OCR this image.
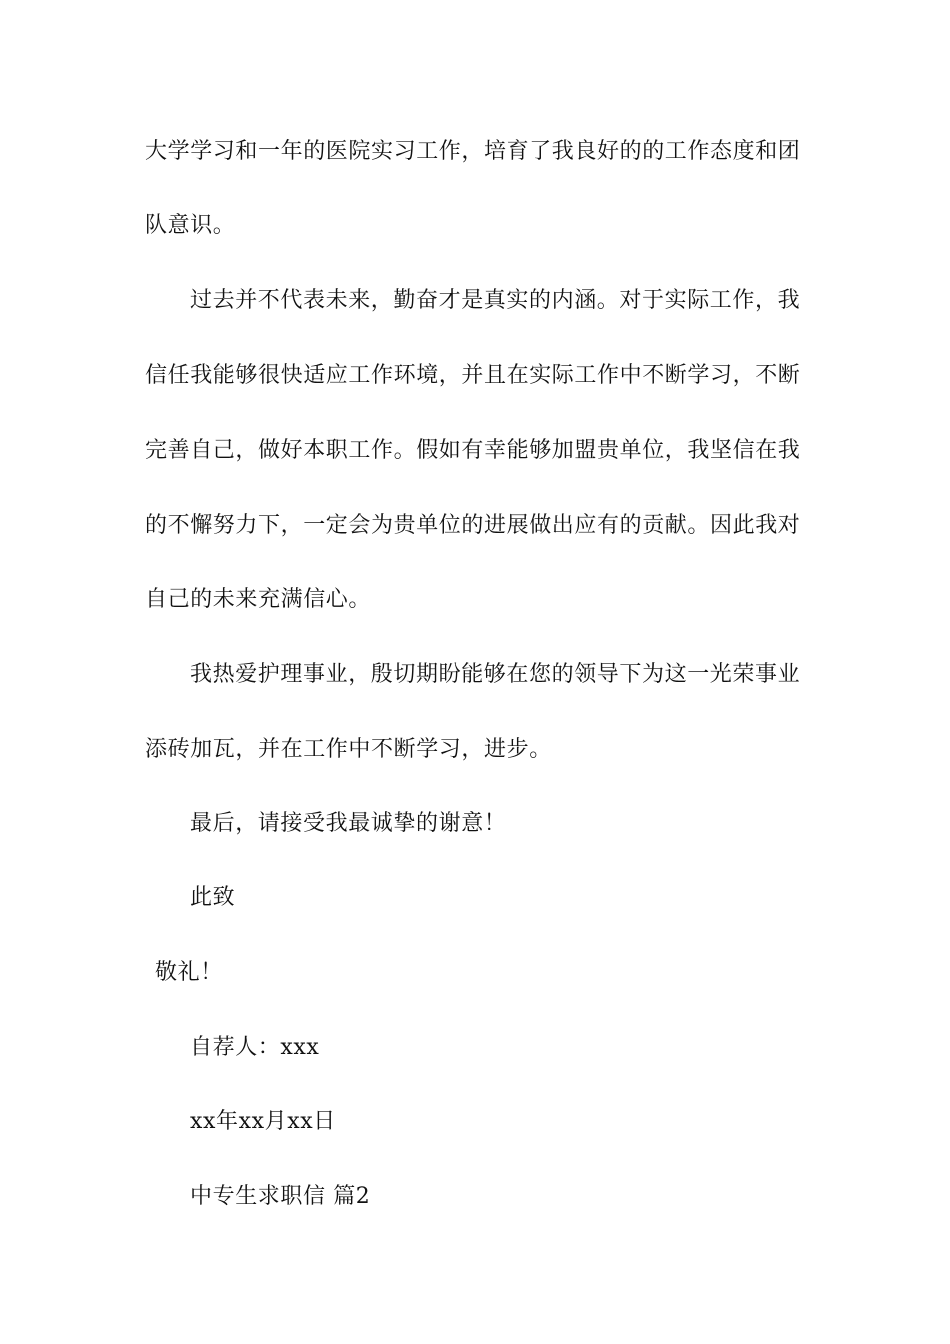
大学学习和一年的医院实习工作，培育了我良好的的工作态度和团
队意识。
过去并不代表未来，勤奋才是真实的内涵。对于实际工作，我
信任我能够很快适应工作环境，并且在实际工作中不断学习，不断
完善自己，做好本职工作。假如有幸能够加盟贵单位，我坚信在我
的不懈努力下，一定会为贵单位的进展做出应有的贡献。因此我对
自己的未来充满信心。
我热爱护理事业，殷切期盼能够在您的领导下为这一光荣事业
添砖加瓦，并在工作中不断学习，进步。
最后，请接受我最诚挚的谢意！
此致
敬礼！
自荐人：xxx
xx年xx月xx日
中专生求职信 篇2
